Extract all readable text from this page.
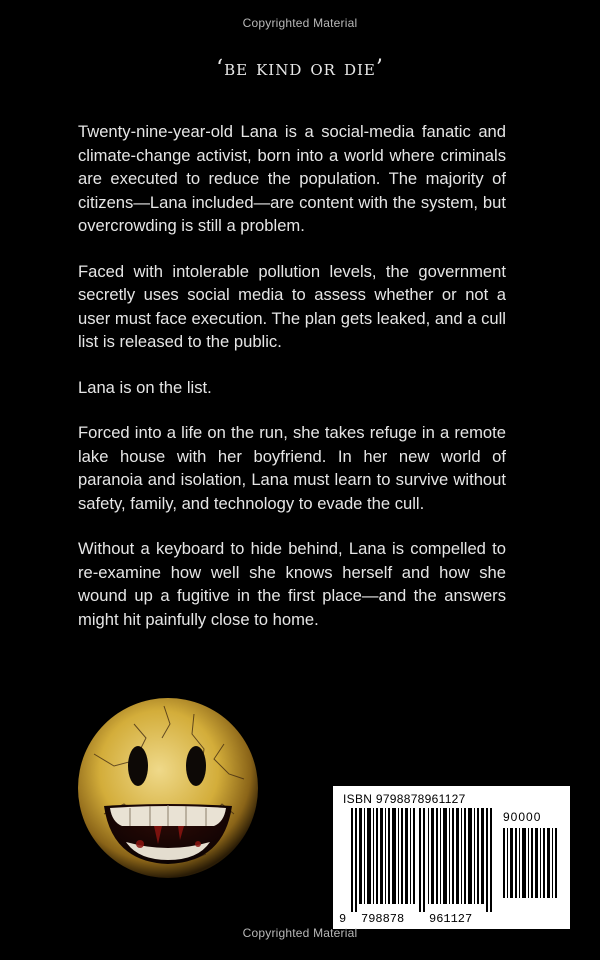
Copyrighted Material
‘be kind or die’

Twenty-nine-year-old Lana is a social-media fanatic and climate-change activist, born into a world where criminals are executed to reduce the population. The majority of citizens—Lana included—are content with the system, but overcrowding is still a problem.

Faced with intolerable pollution levels, the government secretly uses social media to assess whether or not a user must face execution. The plan gets leaked, and a cull list is released to the public.

Lana is on the list.

Forced into a life on the run, she takes refuge in a remote lake house with her boyfriend. In her new world of paranoia and isolation, Lana must learn to survive without safety, family, and technology to evade the cull.

Without a keyboard to hide behind, Lana is compelled to re-examine how well she knows herself and how she wound up a fugitive in the first place—and the answers might hit painfully close to home.

ISBN 9798878961127
90000
9 798878 961127
Copyrighted Material
